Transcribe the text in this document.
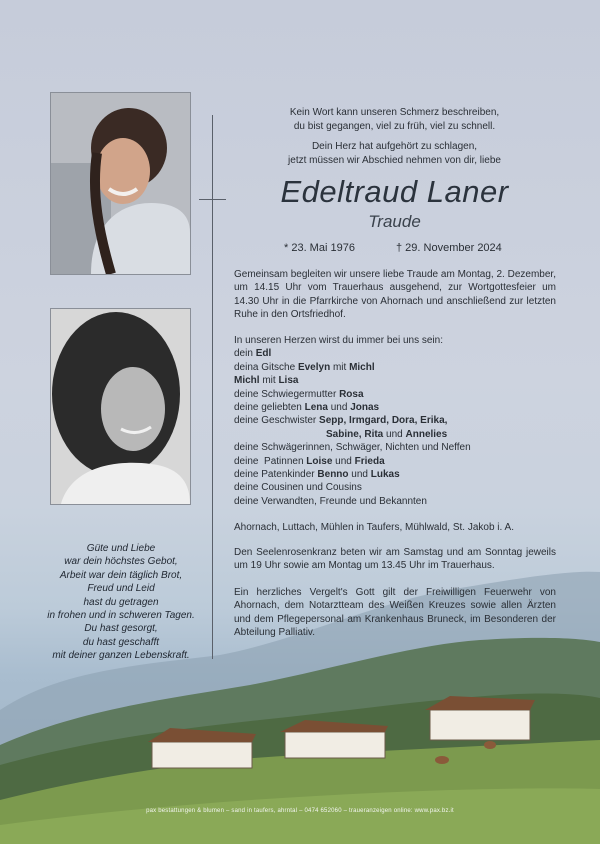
Güte und Liebe
war dein höchstes Gebot,
Arbeit war dein täglich Brot,
Freud und Leid
hast du getragen
in frohen und in schweren Tagen.
Du hast gesorgt,
du hast geschafft
mit deiner ganzen Lebenskraft.
Kein Wort kann unseren Schmerz beschreiben,
du bist gegangen, viel zu früh, viel zu schnell.
Dein Herz hat aufgehört zu schlagen,
jetzt müssen wir Abschied nehmen von dir, liebe
Edeltraud Laner
Traude
* 23. Mai 1976	† 29. November 2024
Gemeinsam begleiten wir unsere liebe Traude am Montag, 2. Dezember, um 14.15 Uhr vom Trauerhaus ausgehend, zur Wortgottesfeier um 14.30 Uhr in die Pfarrkirche von Ahornach und anschließend zur letzten Ruhe in den Ortsfriedhof.
In unseren Herzen wirst du immer bei uns sein:
dein Edl
deina Gitsche Evelyn mit Michl
Michl mit Lisa
deine Schwiegermutter Rosa
deine geliebten Lena und Jonas
deine Geschwister Sepp, Irmgard, Dora, Erika,
Sabine, Rita und Annelies
deine Schwägerinnen, Schwäger, Nichten und Neffen
deine  Patinnen Loise und Frieda
deine Patenkinder Benno und Lukas
deine Cousinen und Cousins
deine Verwandten, Freunde und Bekannten
Ahornach, Luttach, Mühlen in Taufers, Mühlwald, St. Jakob i. A.
Den Seelenrosenkranz beten wir am Samstag und am Sonntag jeweils um 19 Uhr sowie am Montag um 13.45 Uhr im Trauerhaus.
Ein herzliches Vergelt's Gott gilt der Freiwilligen Feuerwehr von Ahornach, dem Notarztteam des Weißen Kreuzes sowie allen Ärzten und dem Pflegepersonal am Krankenhaus Bruneck, im Besonderen der Abteilung Palliativ.
pax bestattungen & blumen – sand in taufers, ahrntal – 0474 652060 – traueranzeigen online: www.pax.bz.it
